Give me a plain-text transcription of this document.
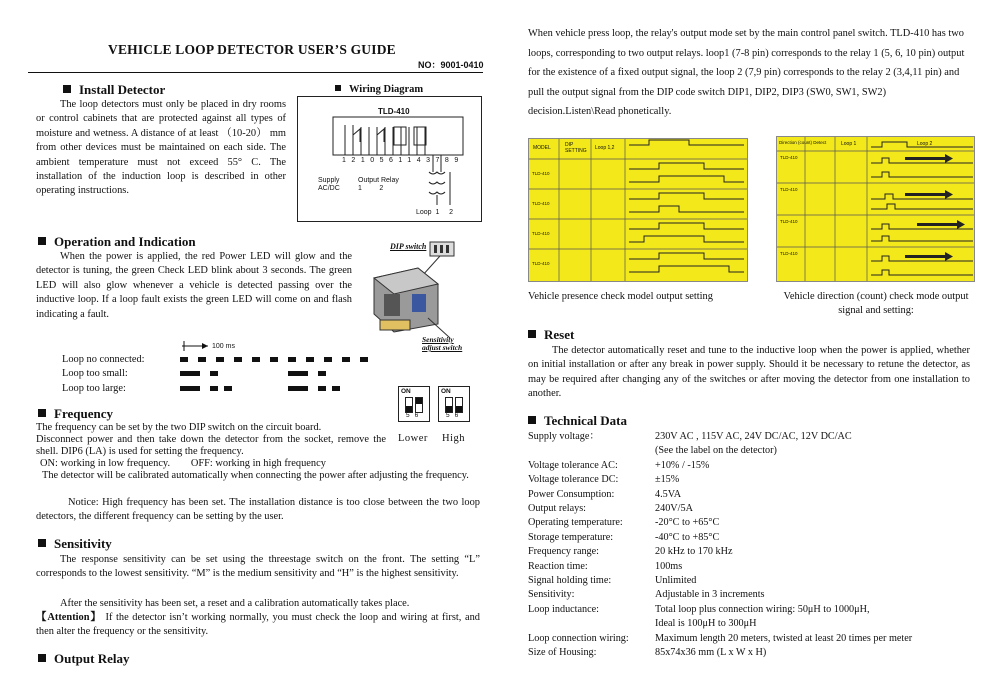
VEHICLE LOOP DETECTOR USER’S GUIDE
NO：9001-0410
Install Detector
The loop detectors must only be placed in dry rooms or control cabinets that are protected against all types of moisture and wetness. A distance of at least （10-20） mm from other devices must be maintained on each side. The ambient temperature must not exceed 55° C. The installation of the induction loop is described in other operating instructions.
Wiring Diagram
TLD-410
1210561143789
Supply
AC/DC
Output Relay
1	2
Loop 1 2
Operation and Indication
When the power is applied, the red Power LED will glow and the detector is tuning, the green Check LED blink about 3 seconds. The green LED will also glow whenever a vehicle is detected passing over the inductive loop. If a loop fault exists the green LED will come on and flash indicating a fault.
DIP switch
Sensitivity
adjust switch
100 ms
Loop no connected:
Loop too small:
Loop too large:
Frequency
The frequency can be set by the two DIP switch on the circuit board.
Disconnect power and then take down the detector from the socket, remove the shell. DIP6 (LA) is used for setting the frequency.
ON: working in low frequency.        OFF: working in high frequency
The detector will be calibrated automatically when connecting the power after adjusting the frequency.
Notice: High frequency has been set. The installation distance is too close between the two loop detectors, the different frequency can be setting by the user.
ON
56
ON
56
Lower High
Sensitivity
The response sensitivity can be set using the threestage switch on the front. The setting “L” corresponds to the lowest sensitivity. “M” is the medium sensitivity and “H” is the highest sensitivity.
After the sensitivity has been set, a reset and a calibration automatically takes place.
【Attention】 If the detector isn’t working normally, you must check the loop and wiring at first, and then alter the frequency or the sensitivity.
Output Relay
When vehicle press loop, the relay's output mode set by the main control panel switch. TLD-410 has two loops, corresponding to two output relays. loop1 (7-8 pin) corresponds to the relay 1 (5, 6, 10 pin) output for the existence of a fixed output signal, the loop 2 (7,9 pin) corresponds to the relay 2 (3,4,11 pin) and pull the output signal from the DIP code switch DIP1, DIP2, DIP3 (SW0, SW1, SW2) decision.Listen\Read phonetically.
MODEL	DIP SETTING	Loop 1,2
TLD-410
TLD-410
TLD-410
TLD-410
Direction (count) Detect	Loop 1	Loop 2
TLD-410
TLD-410
TLD-410
TLD-410
Vehicle presence check model output setting	Vehicle direction (count) check mode output
signal and setting:
Reset
The detector automatically reset and tune to the inductive loop when the power is applied, whether on initial installation or after any break in power supply. Should it be necessary to retune the detector, as may be required after changing any of the switches or after moving the detector from one installation to another.
Technical Data
Supply voltage：	230V AC , 115V AC, 24V DC/AC, 12V DC/AC
	(See the label on the detector)
Voltage tolerance AC:	+10% / -15%
Voltage tolerance DC:	±15%
Power Consumption:	4.5VA
Output relays:	240V/5A
Operating temperature:	-20°C to +65°C
Storage temperature:	-40°C to +85°C
Frequency range:	20 kHz to 170 kHz
Reaction time:	100ms
Signal holding time:	Unlimited
Sensitivity:	Adjustable in 3 increments
Loop inductance:	Total loop plus connection wiring: 50μH to 1000μH,
	Ideal is 100μH to 300μH
Loop connection wiring:	Maximum length 20 meters, twisted at least 20 times per meter
Size of Housing:	85x74x36 mm (L x W x H)
